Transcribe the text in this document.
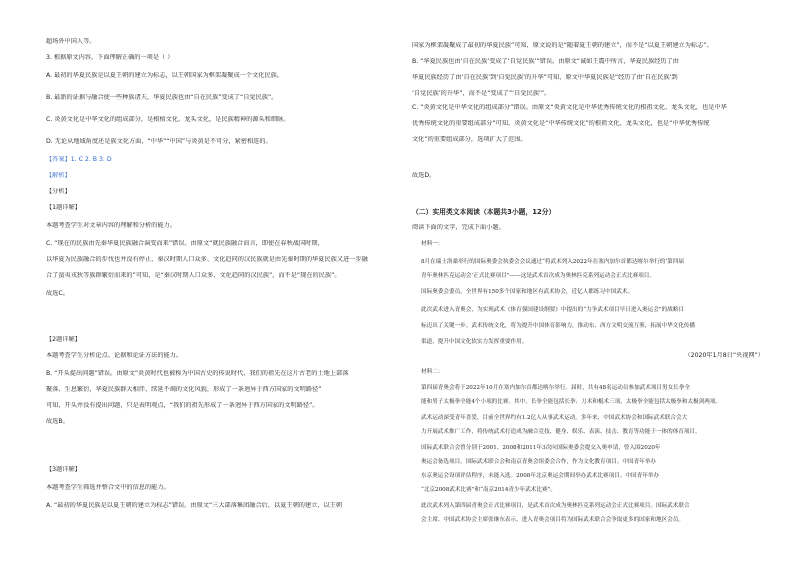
超场外中国人等。
3. 根据原文内容，下面理解正确的一项是（ ）
A. 最初的华夏民族是以夏王朝的建立为标志，以王朝国家为框架凝聚成一个文化民族。
B. 最新的证据与融合使一些种族诸夫，华夏民族也由“自在民族”变成了“自觉民族”。
C. 炎黄文化是中华文化的组成部分，是根植文化、龙头文化，是民族精神的源头和细脉。
D. 无论从地域角度还是族文化方面，“中华”“中国”与炎黄是不可分，紧密相连的。
【答案】1. C 2. B 3. D
【解析】
【分析】
【1题详解】
本题考查学生对文章内容的理解和分析的能力。
C. “现在的民族由先秦华夏民族融合演变而来”错误。由原文“就民族融合而言，即使在春秋战国时期，
以华夏为民族融合的步伐也并没有停止，秦汉时期人口众多、文化趋同的汉民族就是由先秦时期的华夏民族又进一步融
合了蛮夷戎狄等族群繁衍而来的”可知，是“秦汉时期人口众多、文化趋同的汉民族”，而不是“现在的民族”。
故选C。
【2题详解】
本题考查学生分析论点、论据和论证方法的能力。
B. “开头提出问题”错误。由原文“炎黄时代也被称为中国古史的传说时代，我们的祖先在这片古老的土地上部落
聚落、生息繁衍，华夏民族群大相伴、续延不竭的文化风貌，形成了一条迥异于西方国家的文明路径”
可知，开头并没有提出问题，只是表明观点，“我们的祖先形成了一条迥异于西方国家的文明路径”。
故选B。
【3题详解】
本题考查学生筛选并整合文中的信息的能力。
A. “最初的华夏民族是以夏王朝的建立为标志”错误。由原文“三大部落集团融合后，以夏王朝的建立，以王朝
国家为框架凝聚成了最初的华夏民族”可知，原文说的是“随着夏王朝的建立”，而不是“以夏王朝建立为标志”。
B. “华夏民族也由‘自在民族’变成了‘自觉民族’”错误。由原文“诚如王震中所言，华夏民族经历了由
华夏民族经历了由‘自在民族’到‘自觉民族’的升华”可知，原文中华夏民族是“经历了由‘自在民族’到
‘自觉民族’的升华”，而不是“变成了”‘自觉民族’”。
C. “炎黄文化是中华文化的组成部分”错误。由原文“炎黄文化是中华优秀传统文化的根祖文化、龙头文化，也是中华
优秀传统文化的重要组成部分”可知，炎黄文化是“中华传统文化”的根祖文化、龙头文化，也是“中华优秀传统
文化”的重要组成部分，选项扩大了范围。
故选D。
（二）实用类文本阅读（本题共3小题，12分）
阅读下面的文字，完成下面小题。
材料一：
8月在瑞士洛桑举行的国际奥委会执委会会议通过“将武术列入2022年在塞内加尔首都达喀尔举行的‘第四届
青年奥林匹克运动会’正式比赛项目”——这是武术首次成为奥林匹克系列运动会正式比赛项目。
国际奥委会委员，全世界有150多个国家和地区有武术协会，近亿人都练习中国武术。
此次武术进入青奥会，为实现武术《体育强国建设纲要》中提出的“力争武术项目早日进入奥运会”的战略目
标迈出了关键一步。武术传统文化，将为提升中国体育影响力，推动东、西方文明交流互鉴，拓展中华文化传播
渠道，提升中国文化软实力发挥重要作用。
（2020年1月8日“央视网”）
材料二：
第四届青奥会将于2022年10月在塞内加尔首都达喀尔举行。届时，共有48名运动员参加武术项目男女长拳全
能和男子太极拳全能4个小项的比赛。其中，长拳全能包括长拳、刀术和棍术三项，太极拳全能包括太极拳和太极剑两项。
武术运动深受青年喜爱，目前全世界约有1.2亿人从事武术运动。多年来，中国武术协会和国际武术联合会大
力开展武术推广工作，将传统武术打造成为融合竞技、健身、娱乐、表演、技击、教育等功能于一体的体育项目。
国际武术联合会曾分别于2001、2008和2011年3次向国际奥委会提交入奥申请，曾入围2020年
奥运会备选项目。国际武术联合会和南京青奥会组委会合作，作为文化教育项目。中国青年举办
东京奥运会设项评估程序，未能入选。2008年北京奥运会期间举办武术比赛项目。中国青年举办
“北京2008武术比赛”和“南京2014青少年武术比赛”。
此次武术列入第四届青奥会正式比赛项目，是武术首次成为奥林匹克系列运动会正式比赛项目。国际武术联合
会主席、中国武术协会主席张继东表示，进入青奥会项目将为国际武术联合会争取更多的国家和地区会员。
